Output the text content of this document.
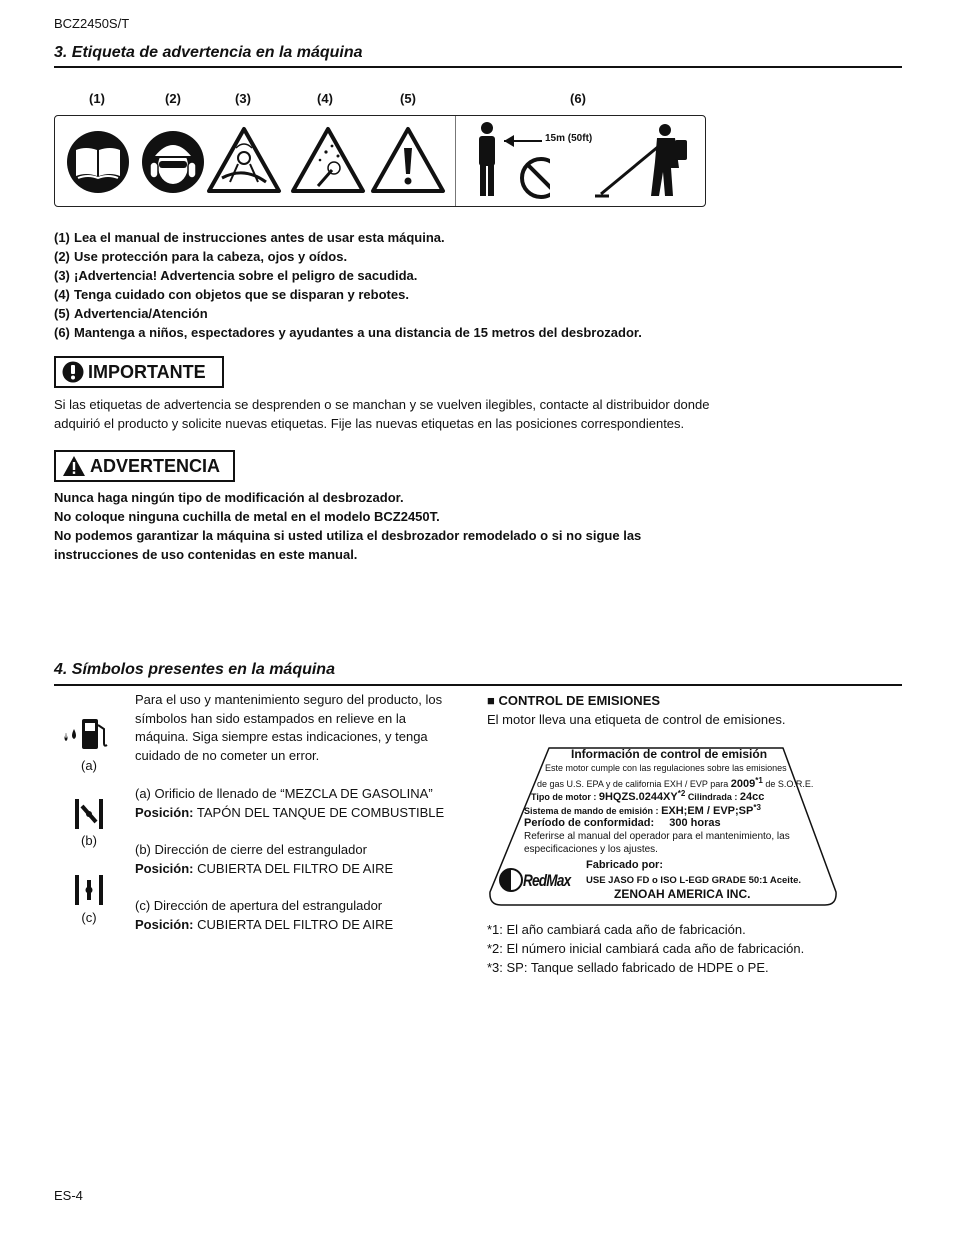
BCZ2450S/T
3. Etiqueta de advertencia en la máquina
(1)	(2)	(3)	(4)	(5)	(6)
15m (50ft)
(1) Lea el manual de instrucciones antes de usar esta máquina.
(2) Use protección para la cabeza, ojos y oídos.
(3) ¡Advertencia! Advertencia sobre el peligro de sacudida.
(4) Tenga cuidado con objetos que se disparan y rebotes.
(5) Advertencia/Atención
(6) Mantenga a niños, espectadores y ayudantes a una distancia de 15 metros del desbrozador.
IMPORTANTE
Si las etiquetas de advertencia se desprenden o se manchan y se vuelven ilegibles, contacte al distribuidor donde
adquirió el producto y solicite nuevas etiquetas. Fije las nuevas etiquetas en las posiciones correspondientes.
ADVERTENCIA
Nunca haga ningún tipo de modificación al desbrozador.
No coloque ninguna cuchilla de metal en el modelo BCZ2450T.
No podemos garantizar la máquina si usted utiliza el desbrozador remodelado o si no sigue las
instrucciones de uso contenidas en este manual.
4. Símbolos presentes en la máquina
(a)
(b)
(c)
Para el uso y mantenimiento seguro del producto, los
símbolos han sido estampados en relieve en la
máquina. Siga siempre estas indicaciones, y tenga
cuidado de no cometer un error.
(a) Orificio de llenado de “MEZCLA DE GASOLINA”
Posición: TAPÓN DEL TANQUE DE COMBUSTIBLE
(b) Dirección de cierre del estrangulador
Posición: CUBIERTA DEL FILTRO DE AIRE
(c) Dirección de apertura del estrangulador
Posición: CUBIERTA DEL FILTRO DE AIRE
■ CONTROL DE EMISIONES
El motor lleva una etiqueta de control de emisiones.
Información de control de emisión
Este motor cumple con las regulaciones sobre las emisiones
de gas U.S. EPA y de california EXH / EVP para 2009$^{*1}$ de S.O.R.E.
Tipo de motor : 9HQZS.0244XY$^{*2}$ Cilindrada : 24cc
Sistema de mando de emisión : EXH;EM / EVP;SP$^{*3}$
Período de conformidad: 300 horas
Referirse al manual del operador para el mantenimiento, las
especificaciones y los ajustes.
Fabricado por:
RedMax USE JASO FD o ISO L-EGD GRADE 50:1 Aceite.
ZENOAH AMERICA INC.
*1: El año cambiará cada año de fabricación.
*2: El número inicial cambiará cada año de fabricación.
*3: SP: Tanque sellado fabricado de HDPE o PE.
ES-4
